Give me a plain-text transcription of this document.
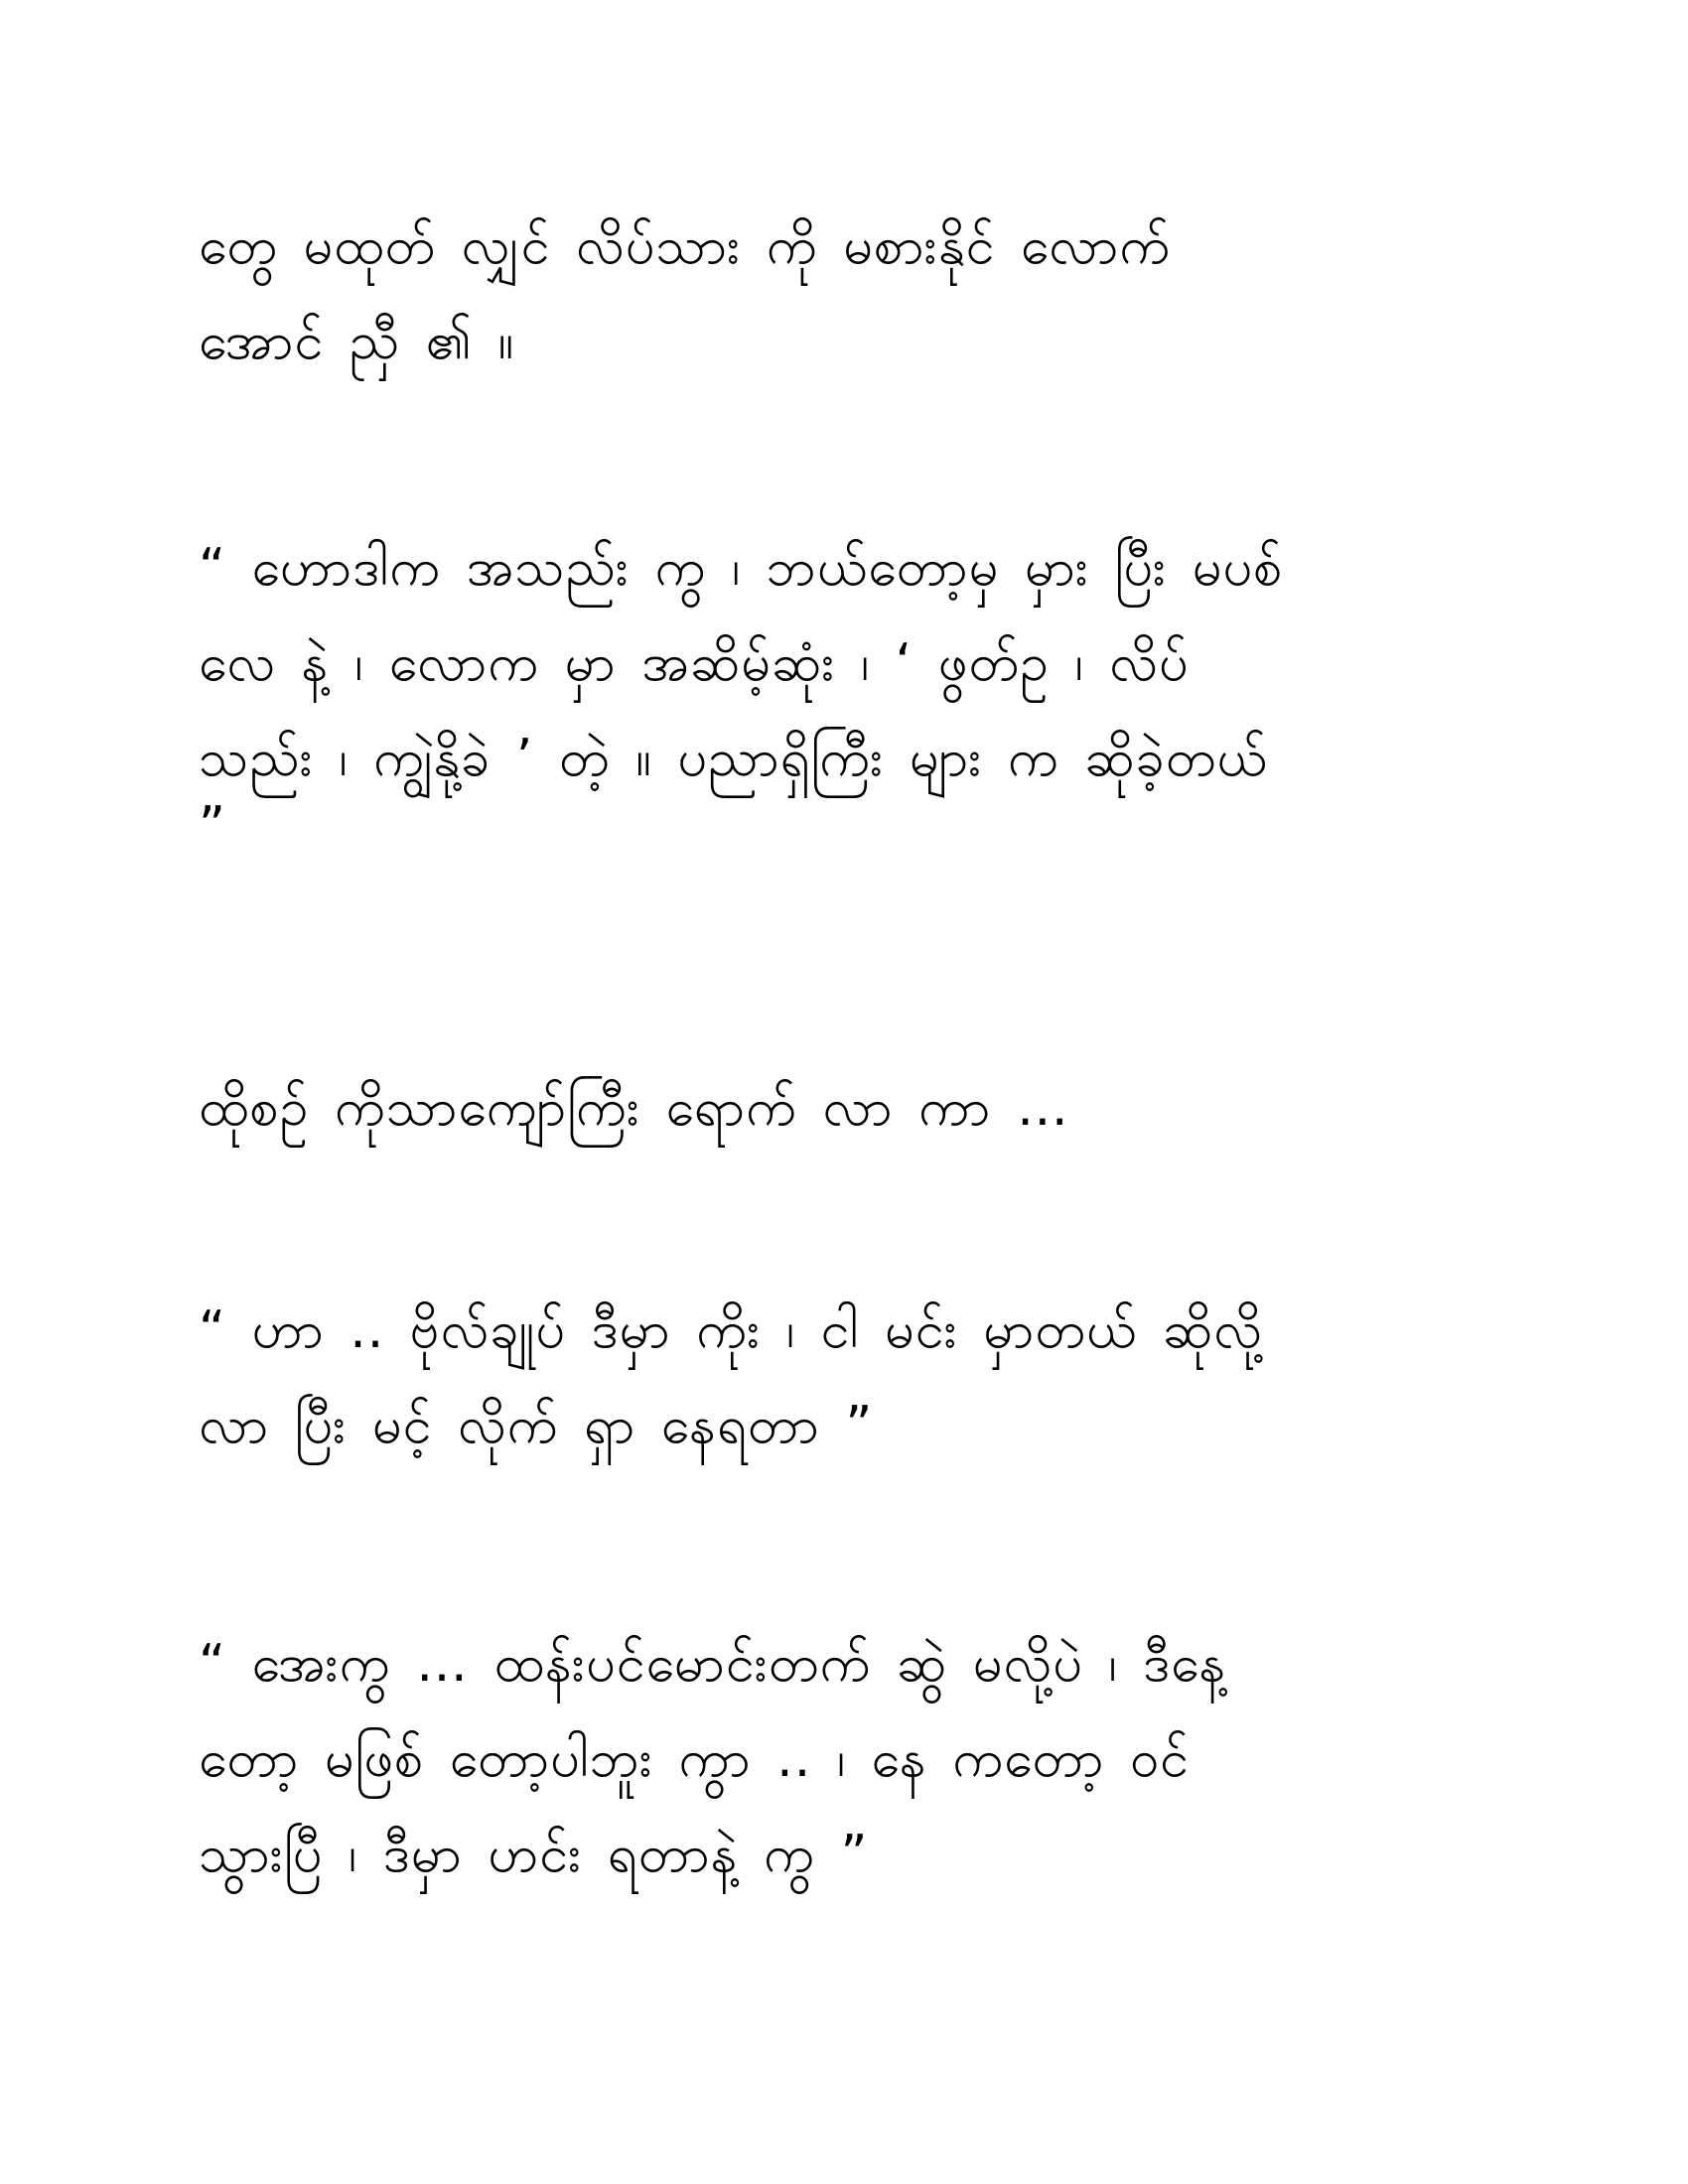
တွေ မထုတ် လျှင် လိပ်သား ကို မစားနိုင် လောက်
အောင် ညှီ ၏ ။

“ ဟောဒါက အသည်း ကွ ၊ ဘယ်တော့မှ မှား ပြီး မပစ်
လေ နဲ့ ၊ လောက မှာ အဆိမ့်ဆုံး ၊ ‘ ဖွတ်ဥ ၊ လိပ်
သည်း ၊ ကျွဲနို့ခဲ ’ တဲ့ ။ ပညာရှိကြီး များ က ဆိုခဲ့တယ်
”

ထိုစဉ် ကိုသာကျော်ကြီး ရောက် လာ ကာ …

“ ဟာ .. ဗိုလ်ချုပ် ဒီမှာ ကိုး ၊ ငါ မင်း မှာတယ် ဆိုလို့
လာ ပြီး မင့် လိုက် ရှာ နေရတာ ”

“ အေးကွ … ထန်းပင်မောင်းတက် ဆွဲ မလို့ပဲ ၊ ဒီနေ့
တော့ မဖြစ် တော့ပါဘူး ကွာ .. ၊ နေ ကတော့ ဝင်
သွားပြီ ၊ ဒီမှာ ဟင်း ရတာနဲ့ ကွ ”
